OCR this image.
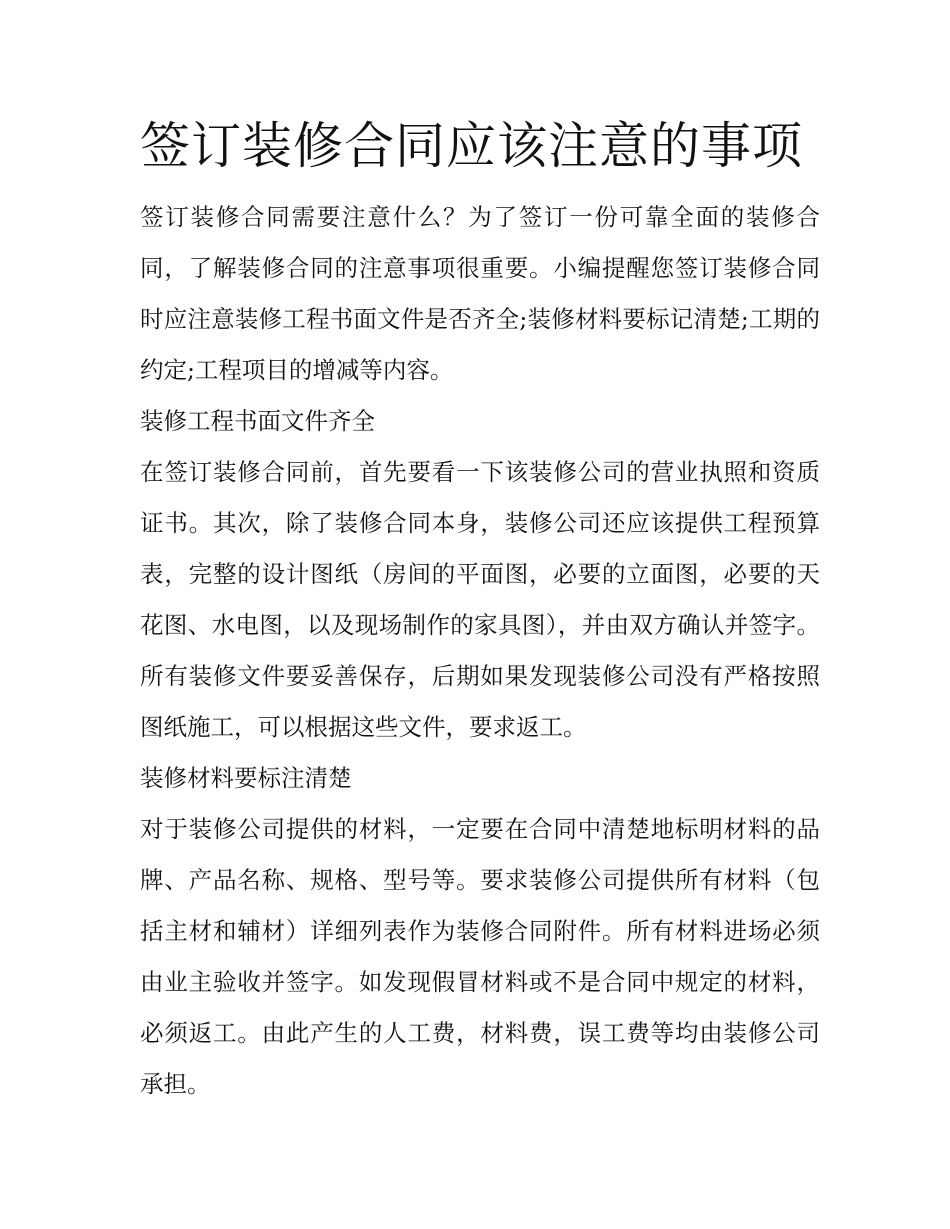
签订装修合同应该注意的事项

签订装修合同需要注意什么？为了签订一份可靠全面的装修合同，了解装修合同的注意事项很重要。小编提醒您签订装修合同时应注意装修工程书面文件是否齐全;装修材料要标记清楚;工期的约定;工程项目的增减等内容。

装修工程书面文件齐全

在签订装修合同前，首先要看一下该装修公司的营业执照和资质证书。其次，除了装修合同本身，装修公司还应该提供工程预算表，完整的设计图纸（房间的平面图，必要的立面图，必要的天花图、水电图，以及现场制作的家具图），并由双方确认并签字。所有装修文件要妥善保存，后期如果发现装修公司没有严格按照图纸施工，可以根据这些文件，要求返工。

装修材料要标注清楚

对于装修公司提供的材料，一定要在合同中清楚地标明材料的品牌、产品名称、规格、型号等。要求装修公司提供所有材料（包括主材和辅材）详细列表作为装修合同附件。所有材料进场必须由业主验收并签字。如发现假冒材料或不是合同中规定的材料，必须返工。由此产生的人工费，材料费，误工费等均由装修公司承担。
